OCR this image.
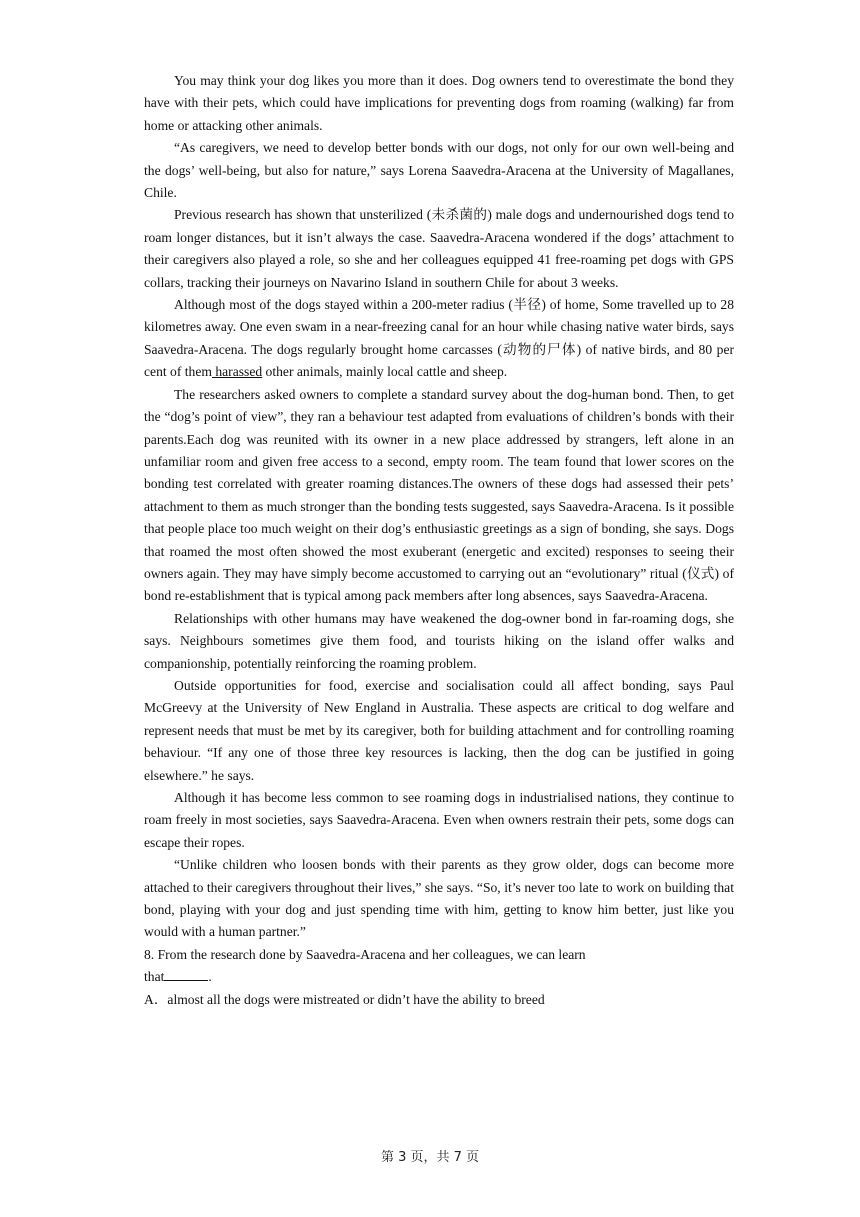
You may think your dog likes you more than it does. Dog owners tend to overestimate the bond they have with their pets, which could have implications for preventing dogs from roaming (walking) far from home or attacking other animals.

“As caregivers, we need to develop better bonds with our dogs, not only for our own well-being and the dogs’ well-being, but also for nature,” says Lorena Saavedra-Aracena at the University of Magallanes, Chile.

Previous research has shown that unsterilized (未杀菌的) male dogs and undernourished dogs tend to roam longer distances, but it isn’t always the case. Saavedra-Aracena wondered if the dogs’ attachment to their caregivers also played a role, so she and her colleagues equipped 41 free-roaming pet dogs with GPS collars, tracking their journeys on Navarino Island in southern Chile for about 3 weeks.

Although most of the dogs stayed within a 200-meter radius (半径) of home, Some travelled up to 28 kilometres away. One even swam in a near-freezing canal for an hour while chasing native water birds, says Saavedra-Aracena. The dogs regularly brought home carcasses (动物的尸体) of native birds, and 80 per cent of them harassed other animals, mainly local cattle and sheep.

The researchers asked owners to complete a standard survey about the dog-human bond. Then, to get the “dog’s point of view”, they ran a behaviour test adapted from evaluations of children’s bonds with their parents.Each dog was reunited with its owner in a new place addressed by strangers, left alone in an unfamiliar room and given free access to a second, empty room. The team found that lower scores on the bonding test correlated with greater roaming distances.The owners of these dogs had assessed their pets’ attachment to them as much stronger than the bonding tests suggested, says Saavedra-Aracena. Is it possible that people place too much weight on their dog’s enthusiastic greetings as a sign of bonding, she says. Dogs that roamed the most often showed the most exuberant (energetic and excited) responses to seeing their owners again. They may have simply become accustomed to carrying out an “evolutionary” ritual (仪式) of bond re-establishment that is typical among pack members after long absences, says Saavedra-Aracena.

Relationships with other humans may have weakened the dog-owner bond in far-roaming dogs, she says. Neighbours sometimes give them food, and tourists hiking on the island offer walks and companionship, potentially reinforcing the roaming problem.

Outside opportunities for food, exercise and socialisation could all affect bonding, says Paul McGreevy at the University of New England in Australia. These aspects are critical to dog welfare and represent needs that must be met by its caregiver, both for building attachment and for controlling roaming behaviour. “If any one of those three key resources is lacking, then the dog can be justified in going elsewhere.” he says.

Although it has become less common to see roaming dogs in industrialised nations, they continue to roam freely in most societies, says Saavedra-Aracena. Even when owners restrain their pets, some dogs can escape their ropes.

“Unlike children who loosen bonds with their parents as they grow older, dogs can become more attached to their caregivers throughout their lives,” she says. “So, it’s never too late to work on building that bond, playing with your dog and just spending time with him, getting to know him better, just like you would with a human partner.”

8. From the research done by Saavedra-Aracena and her colleagues, we can learn
that	.

A．almost all the dogs were mistreated or didn’t have the ability to breed

第 3 页，共 7 页
